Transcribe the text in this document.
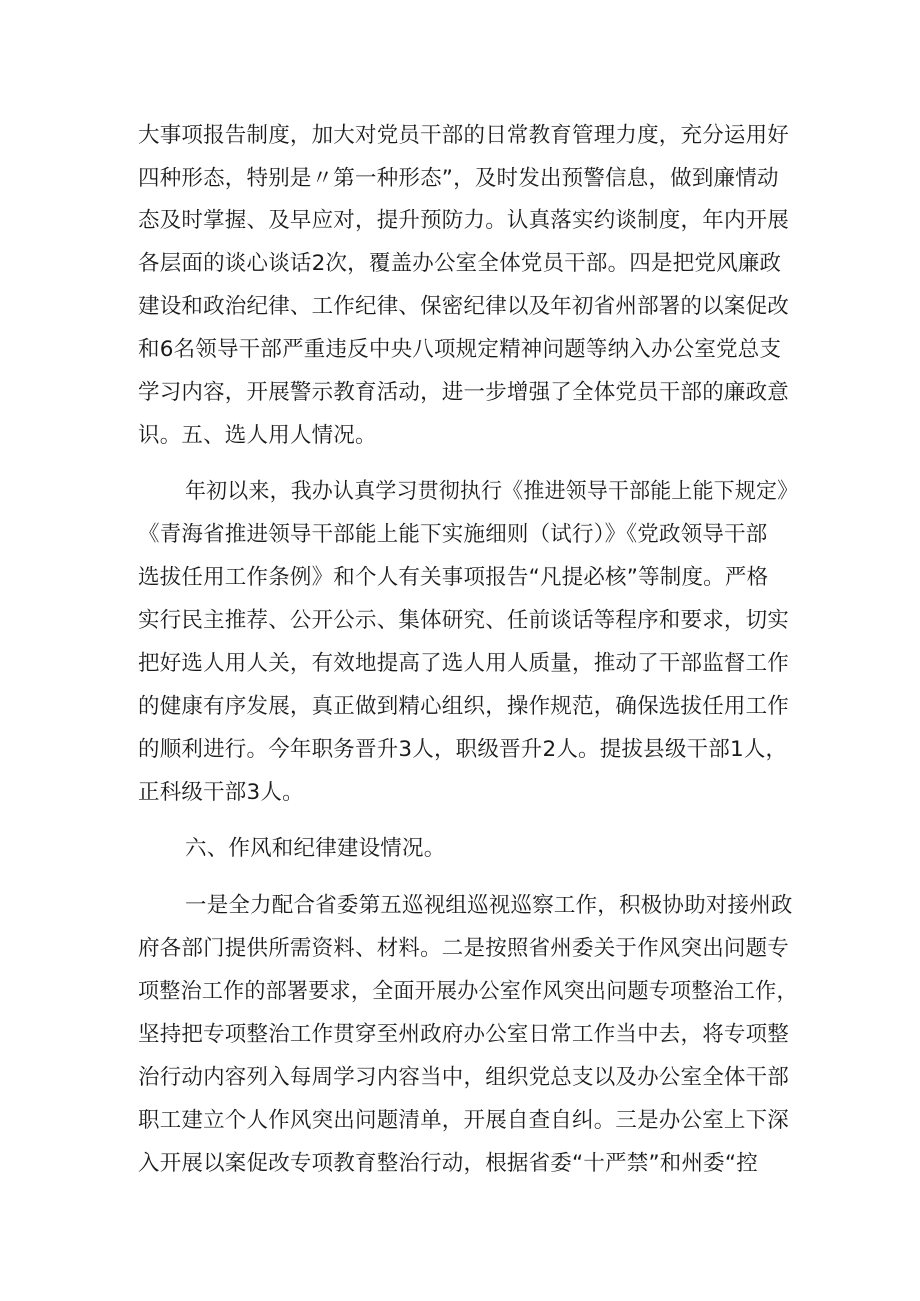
大事项报告制度，加大对党员干部的日常教育管理力度，充分运用好
四种形态，特别是〃第一种形态”，及时发出预警信息，做到廉情动
态及时掌握、及早应对，提升预防力。认真落实约谈制度，年内开展
各层面的谈心谈话2次，覆盖办公室全体党员干部。四是把党风廉政
建设和政治纪律、工作纪律、保密纪律以及年初省州部署的以案促改
和6名领导干部严重违反中央八项规定精神问题等纳入办公室党总支
学习内容，开展警示教育活动，进一步增强了全体党员干部的廉政意
识。五、选人用人情况。
年初以来，我办认真学习贯彻执行《推进领导干部能上能下规定》
《青海省推进领导干部能上能下实施细则（试行）》《党政领导干部
选拔任用工作条例》和个人有关事项报告“凡提必核”等制度。严格
实行民主推荐、公开公示、集体研究、任前谈话等程序和要求，切实
把好选人用人关，有效地提高了选人用人质量，推动了干部监督工作
的健康有序发展，真正做到精心组织，操作规范，确保选拔任用工作
的顺利进行。今年职务晋升3人，职级晋升2人。提拔县级干部1人，
正科级干部3人。
六、作风和纪律建设情况。
一是全力配合省委第五巡视组巡视巡察工作，积极协助对接州政
府各部门提供所需资料、材料。二是按照省州委关于作风突出问题专
项整治工作的部署要求，全面开展办公室作风突出问题专项整治工作，
坚持把专项整治工作贯穿至州政府办公室日常工作当中去，将专项整
治行动内容列入每周学习内容当中，组织党总支以及办公室全体干部
职工建立个人作风突出问题清单，开展自查自纠。三是办公室上下深
入开展以案促改专项教育整治行动，根据省委“十严禁”和州委“控
